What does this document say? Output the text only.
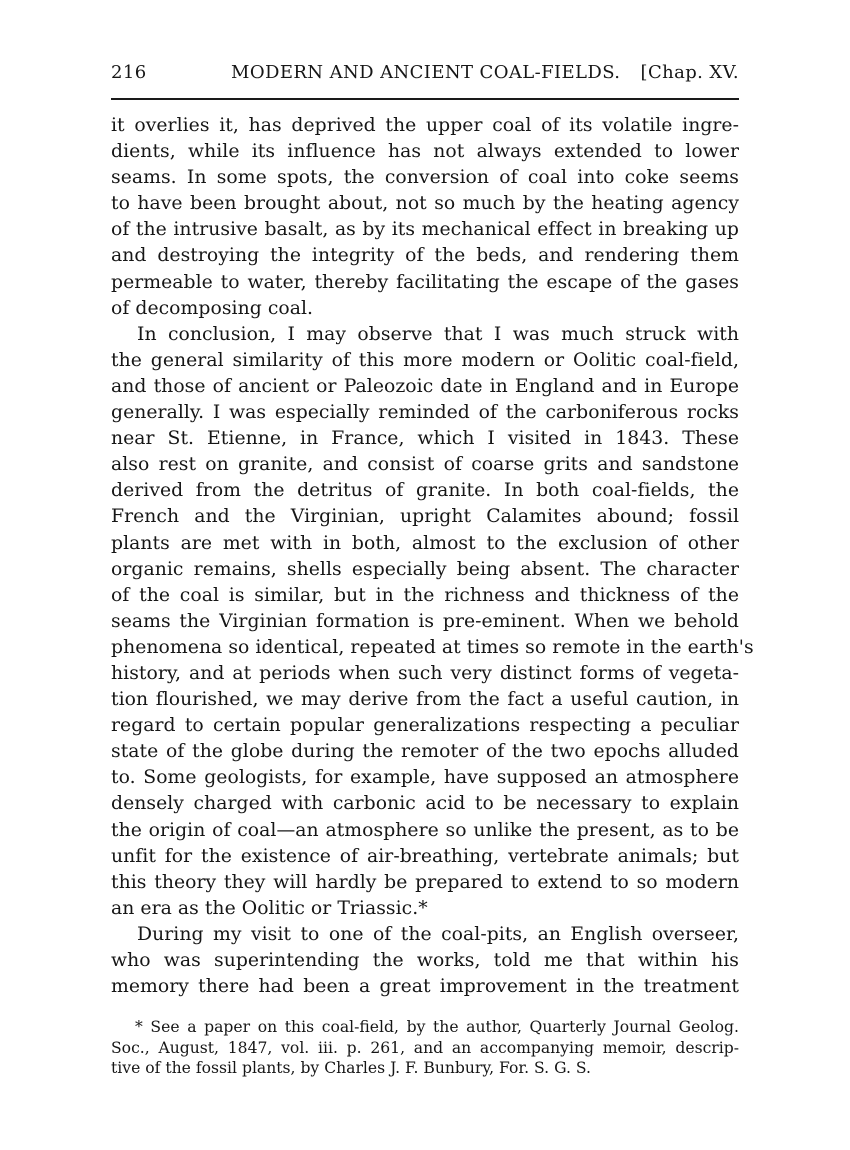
216	MODERN AND ANCIENT COAL-FIELDS. [Chap. XV.
it overlies it, has deprived the upper coal of its volatile ingre-
dients, while its influence has not always extended to lower
seams. In some spots, the conversion of coal into coke seems
to have been brought about, not so much by the heating agency
of the intrusive basalt, as by its mechanical effect in breaking up
and destroying the integrity of the beds, and rendering them
permeable to water, thereby facilitating the escape of the gases
of decomposing coal.
In conclusion, I may observe that I was much struck with
the general similarity of this more modern or Oolitic coal-field,
and those of ancient or Paleozoic date in England and in Europe
generally. I was especially reminded of the carboniferous rocks
near St. Etienne, in France, which I visited in 1843. These
also rest on granite, and consist of coarse grits and sandstone
derived from the detritus of granite. In both coal-fields, the
French and the Virginian, upright Calamites abound; fossil
plants are met with in both, almost to the exclusion of other
organic remains, shells especially being absent. The character
of the coal is similar, but in the richness and thickness of the
seams the Virginian formation is pre-eminent. When we behold
phenomena so identical, repeated at times so remote in the earth's
history, and at periods when such very distinct forms of vegeta-
tion flourished, we may derive from the fact a useful caution, in
regard to certain popular generalizations respecting a peculiar
state of the globe during the remoter of the two epochs alluded
to. Some geologists, for example, have supposed an atmosphere
densely charged with carbonic acid to be necessary to explain
the origin of coal—an atmosphere so unlike the present, as to be
unfit for the existence of air-breathing, vertebrate animals; but
this theory they will hardly be prepared to extend to so modern
an era as the Oolitic or Triassic.*
During my visit to one of the coal-pits, an English overseer,
who was superintending the works, told me that within his
memory there had been a great improvement in the treatment
* See a paper on this coal-field, by the author, Quarterly Journal Geolog.
Soc., August, 1847, vol. iii. p. 261, and an accompanying memoir, descrip-
tive of the fossil plants, by Charles J. F. Bunbury, For. S. G. S.
